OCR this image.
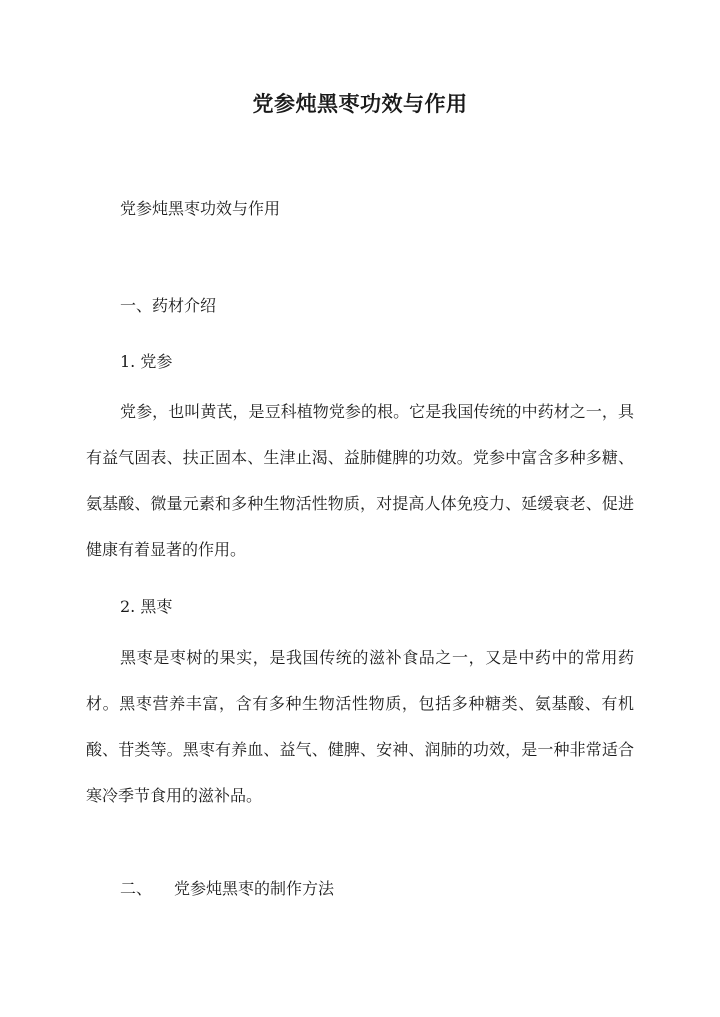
党参炖黑枣功效与作用
党参炖黑枣功效与作用
一、药材介绍
1. 党参
党参，也叫黄芪，是豆科植物党参的根。它是我国传统的中药材之一，具有益气固表、扶正固本、生津止渴、益肺健脾的功效。党参中富含多种多糖、氨基酸、微量元素和多种生物活性物质，对提高人体免疫力、延缓衰老、促进健康有着显著的作用。
2. 黑枣
黑枣是枣树的果实，是我国传统的滋补食品之一，又是中药中的常用药材。黑枣营养丰富，含有多种生物活性物质，包括多种糖类、氨基酸、有机酸、苷类等。黑枣有养血、益气、健脾、安神、润肺的功效，是一种非常适合寒冷季节食用的滋补品。
二、 党参炖黑枣的制作方法
